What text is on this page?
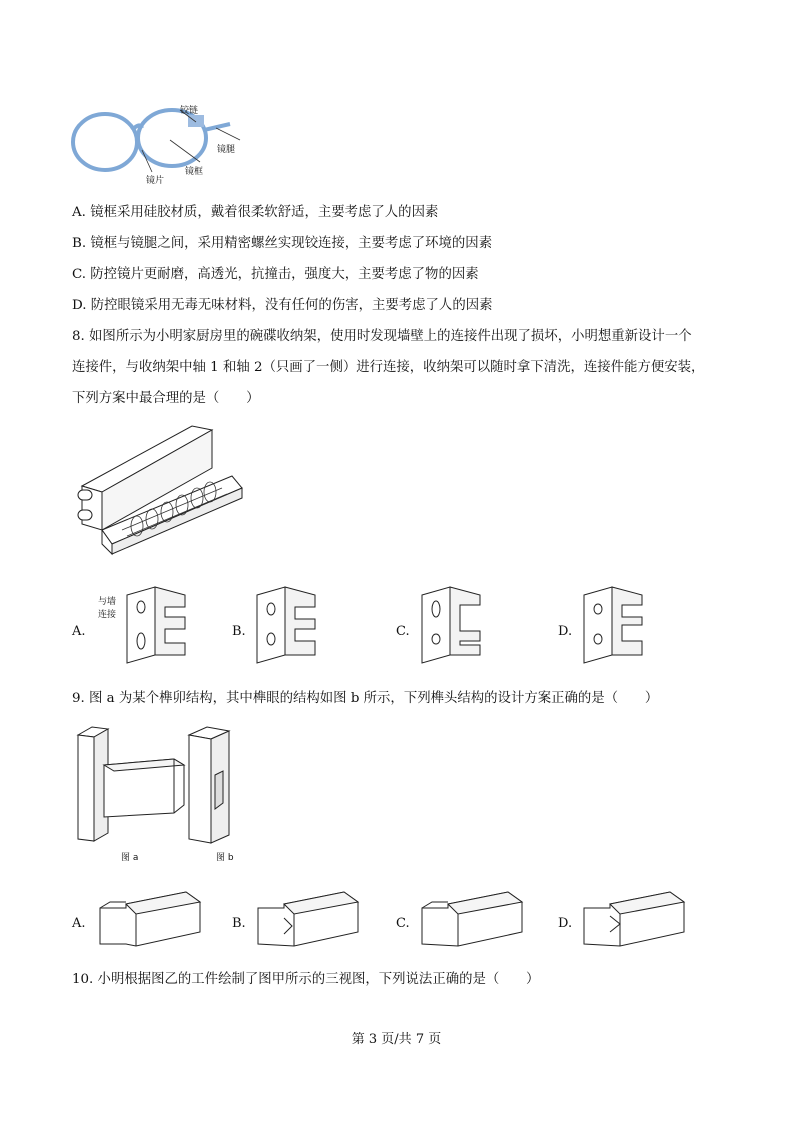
铰链
镜腿
镜框
镜片
A. 镜框采用硅胶材质，戴着很柔软舒适，主要考虑了人的因素
B. 镜框与镜腿之间，采用精密螺丝实现铰连接，主要考虑了环境的因素
C. 防控镜片更耐磨，高透光，抗撞击，强度大，主要考虑了物的因素
D. 防控眼镜采用无毒无味材料，没有任何的伤害，主要考虑了人的因素
8. 如图所示为小明家厨房里的碗碟收纳架，使用时发现墙壁上的连接件出现了损坏，小明想重新设计一个
连接件，与收纳架中轴 1 和轴 2（只画了一侧）进行连接，收纳架可以随时拿下清洗，连接件能方便安装，
下列方案中最合理的是（　　）
与墙
连接
A.	B.	C.	D.
9. 图 a 为某个榫卯结构，其中榫眼的结构如图 b 所示，下列榫头结构的设计方案正确的是（　　）
图 a	图 b
A.	B.	C.	D.
10. 小明根据图乙的工件绘制了图甲所示的三视图，下列说法正确的是（　　）
第 3 页/共 7 页
